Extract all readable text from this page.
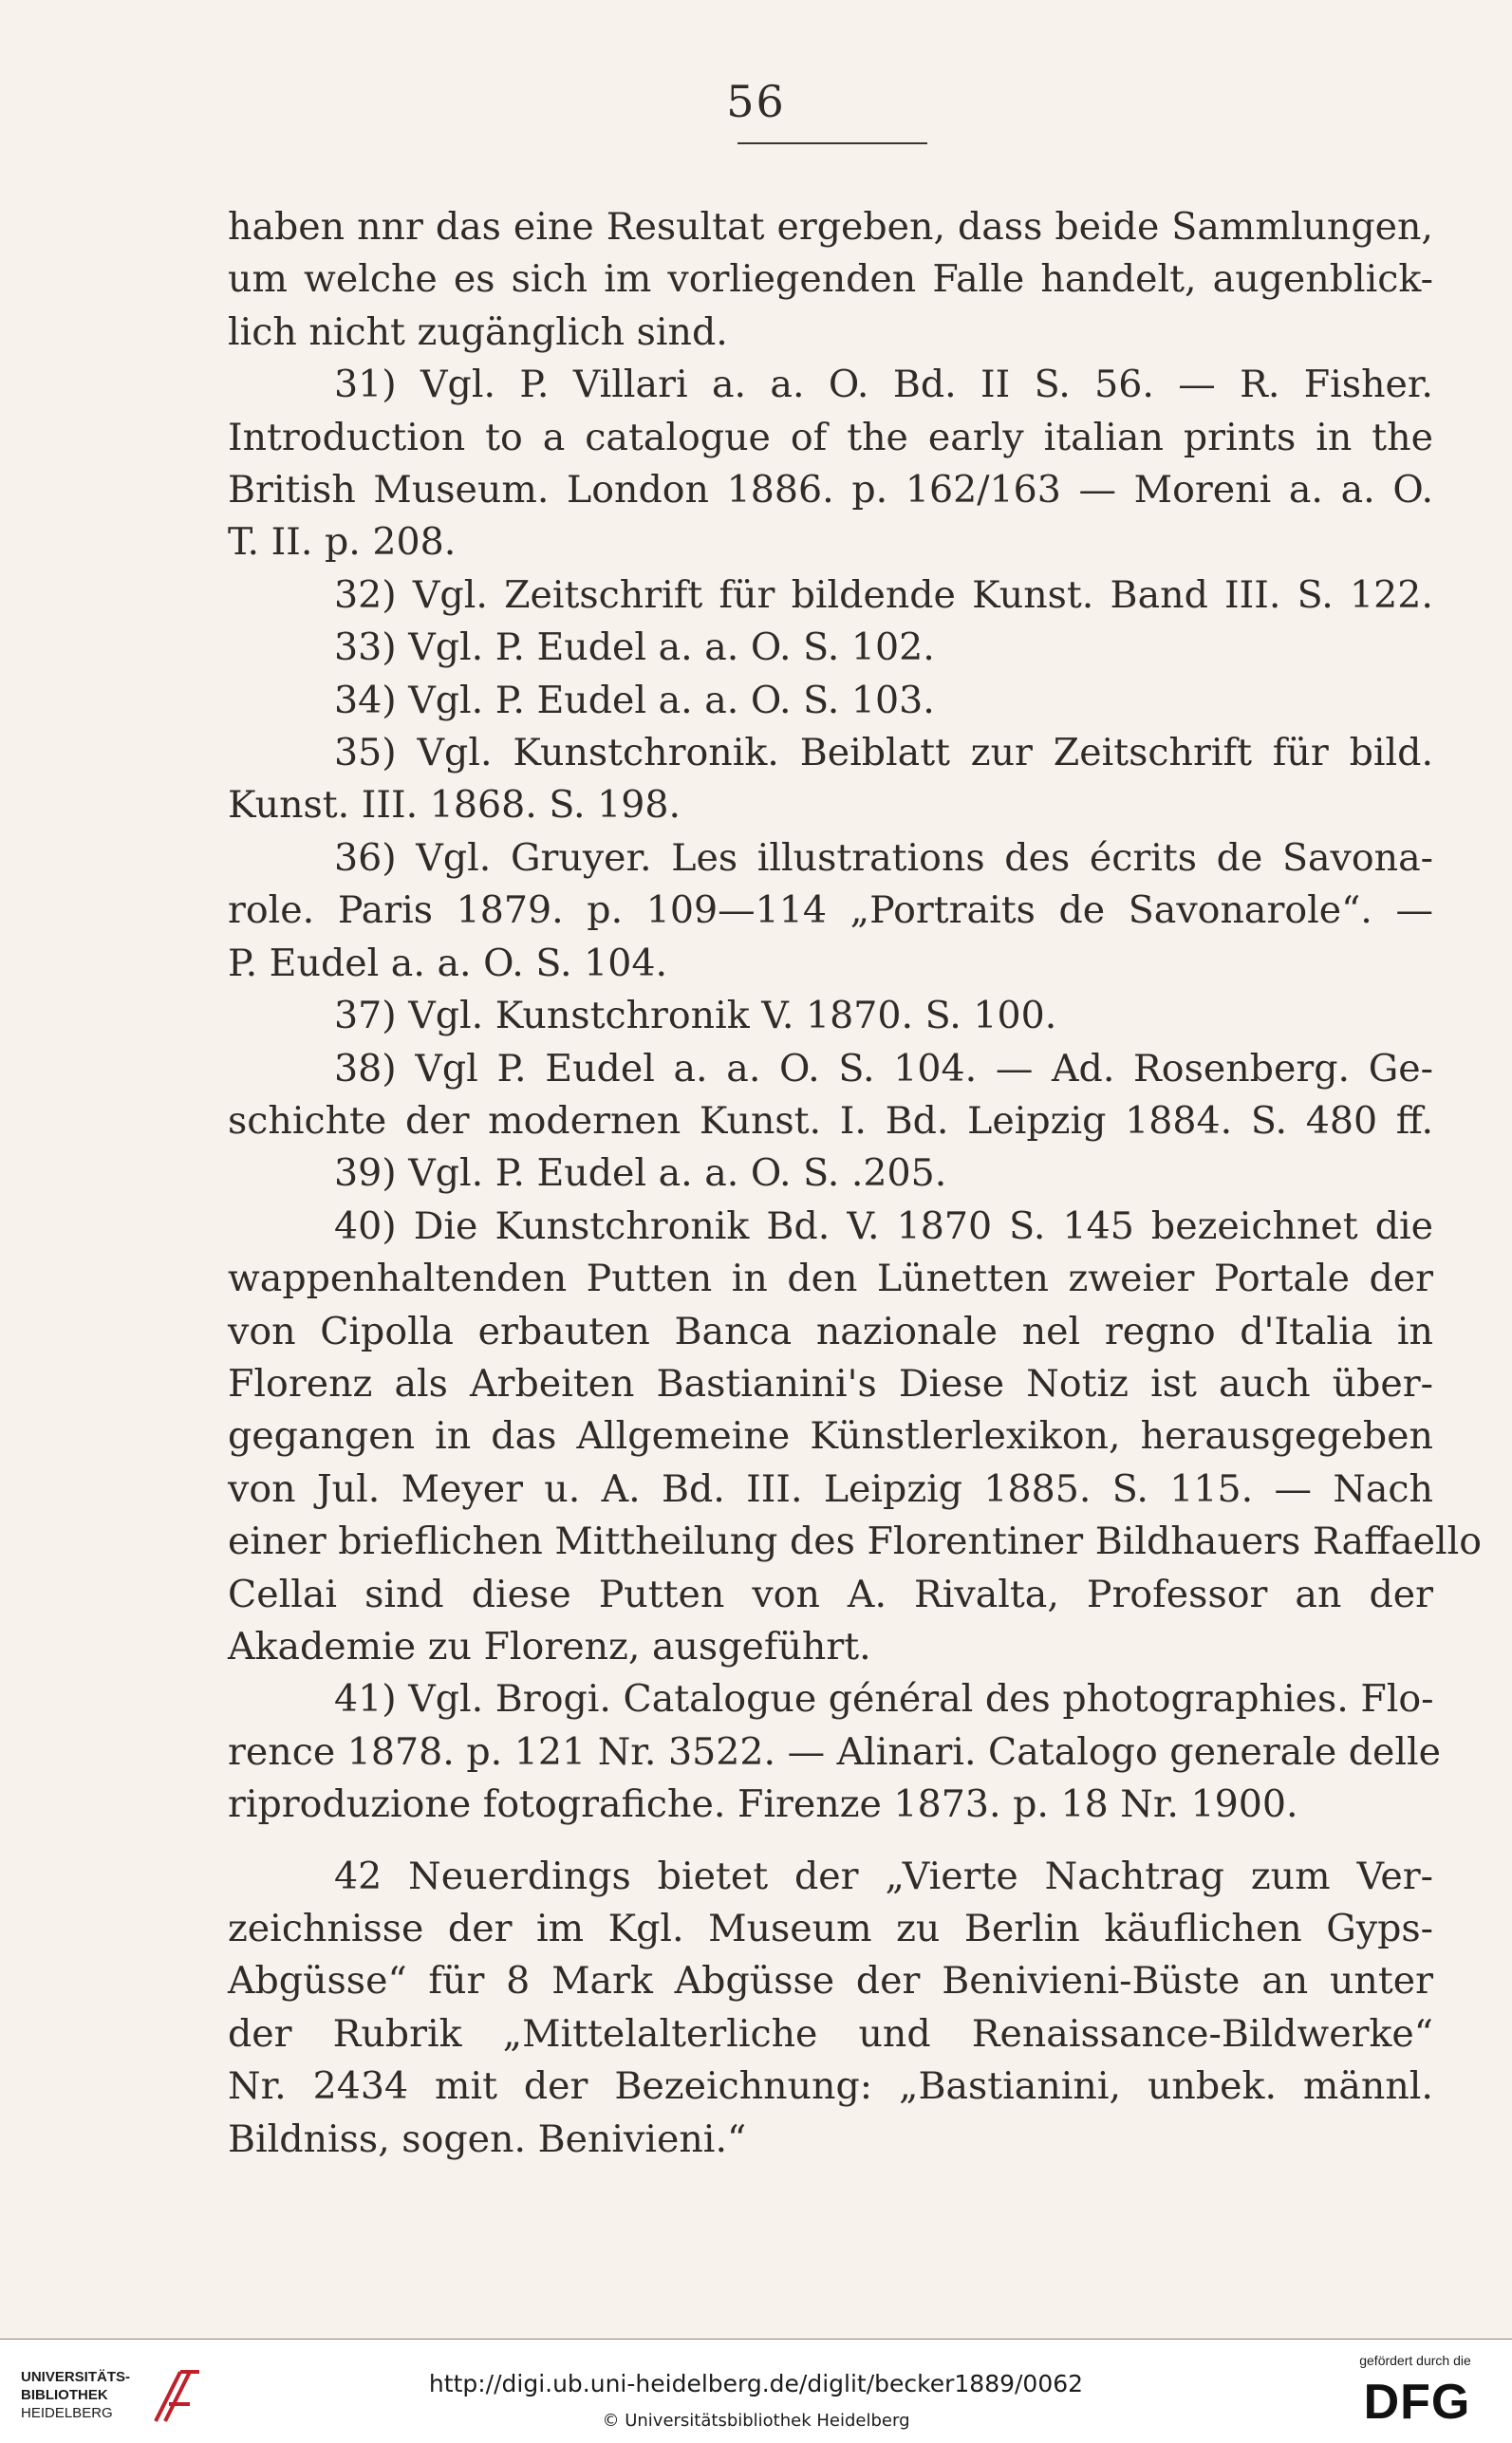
56
haben nnr das eine Resultat ergeben, dass beide Sammlungen,
um welche es sich im vorliegenden Falle handelt, augenblick-
lich nicht zugänglich sind.
31) Vgl. P. Villari a. a. O. Bd. II S. 56. — R. Fisher.
Introduction to a catalogue of the early italian prints in the
British Museum. London 1886. p. 162/163 — Moreni a. a. O.
T. II. p. 208.
32) Vgl. Zeitschrift für bildende Kunst. Band III. S. 122.
33) Vgl. P. Eudel a. a. O. S. 102.
34) Vgl. P. Eudel a. a. O. S. 103.
35) Vgl. Kunstchronik. Beiblatt zur Zeitschrift für bild.
Kunst. III. 1868. S. 198.
36) Vgl. Gruyer. Les illustrations des écrits de Savona-
role. Paris 1879. p. 109—114 „Portraits de Savonarole“. —
P. Eudel a. a. O. S. 104.
37) Vgl. Kunstchronik V. 1870. S. 100.
38) Vgl P. Eudel a. a. O. S. 104. — Ad. Rosenberg. Ge-
schichte der modernen Kunst. I. Bd. Leipzig 1884. S. 480 ff.
39) Vgl. P. Eudel a. a. O. S. .205.
40) Die Kunstchronik Bd. V. 1870 S. 145 bezeichnet die
wappenhaltenden Putten in den Lünetten zweier Portale der
von Cipolla erbauten Banca nazionale nel regno d'Italia in
Florenz als Arbeiten Bastianini's Diese Notiz ist auch über-
gegangen in das Allgemeine Künstlerlexikon, herausgegeben
von Jul. Meyer u. A. Bd. III. Leipzig 1885. S. 115. — Nach
einer brieflichen Mittheilung des Florentiner Bildhauers Raffaello
Cellai sind diese Putten von A. Rivalta, Professor an der
Akademie zu Florenz, ausgeführt.
41) Vgl. Brogi. Catalogue général des photographies. Flo-
rence 1878. p. 121 Nr. 3522. — Alinari. Catalogo generale delle
riproduzione fotografiche. Firenze 1873. p. 18 Nr. 1900.
42 Neuerdings bietet der „Vierte Nachtrag zum Ver-
zeichnisse der im Kgl. Museum zu Berlin käuflichen Gyps-
Abgüsse“ für 8 Mark Abgüsse der Benivieni-Büste an unter
der Rubrik „Mittelalterliche und Renaissance-Bildwerke“
Nr. 2434 mit der Bezeichnung: „Bastianini, unbek. männl.
Bildniss, sogen. Benivieni.“
UNIVERSITÄTS-
BIBLIOTHEK
HEIDELBERG
http://digi.ub.uni-heidelberg.de/diglit/becker1889/0062
© Universitätsbibliothek Heidelberg
gefördert durch die
DFG
